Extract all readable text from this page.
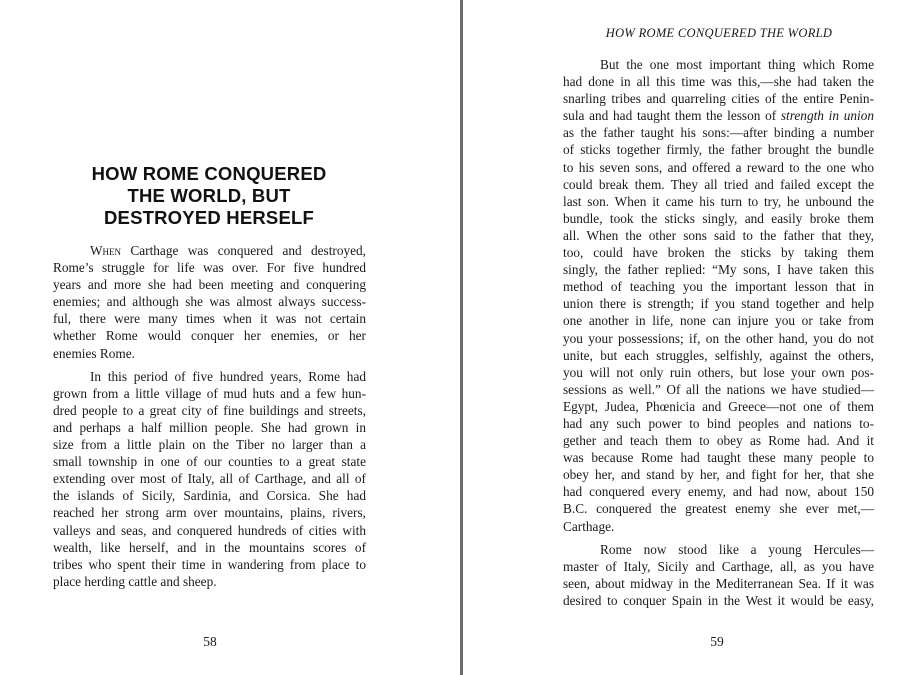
HOW ROME CONQUERED
THE WORLD, BUT
DESTROYED HERSELF

When Carthage was conquered and destroyed,
Rome’s struggle for life was over. For five hundred
years and more she had been meeting and conquering
enemies; and although she was almost always success-
ful, there were many times when it was not certain
whether Rome would conquer her enemies, or her
enemies Rome.

In this period of five hundred years, Rome had
grown from a little village of mud huts and a few hun-
dred people to a great city of fine buildings and streets,
and perhaps a half million people. She had grown in
size from a little plain on the Tiber no larger than a
small township in one of our counties to a great state
extending over most of Italy, all of Carthage, and all of
the islands of Sicily, Sardinia, and Corsica. She had
reached her strong arm over mountains, plains, rivers,
valleys and seas, and conquered hundreds of cities with
wealth, like herself, and in the mountains scores of
tribes who spent their time in wandering from place to
place herding cattle and sheep.

58

HOW ROME CONQUERED THE WORLD

But the one most important thing which Rome
had done in all this time was this,—she had taken the
snarling tribes and quarreling cities of the entire Penin-
sula and had taught them the lesson of strength in union
as the father taught his sons:—after binding a number
of sticks together firmly, the father brought the bundle
to his seven sons, and offered a reward to the one who
could break them. They all tried and failed except the
last son. When it came his turn to try, he unbound the
bundle, took the sticks singly, and easily broke them
all. When the other sons said to the father that they,
too, could have broken the sticks by taking them
singly, the father replied: “My sons, I have taken this
method of teaching you the important lesson that in
union there is strength; if you stand together and help
one another in life, none can injure you or take from
you your possessions; if, on the other hand, you do not
unite, but each struggles, selfishly, against the others,
you will not only ruin others, but lose your own pos-
sessions as well.” Of all the nations we have studied—
Egypt, Judea, Phœnicia and Greece—not one of them
had any such power to bind peoples and nations to-
gether and teach them to obey as Rome had. And it
was because Rome had taught these many people to
obey her, and stand by her, and fight for her, that she
had conquered every enemy, and had now, about 150
B.C. conquered the greatest enemy she ever met,—
Carthage.

Rome now stood like a young Hercules—
master of Italy, Sicily and Carthage, all, as you have
seen, about midway in the Mediterranean Sea. If it was
desired to conquer Spain in the West it would be easy,

59
